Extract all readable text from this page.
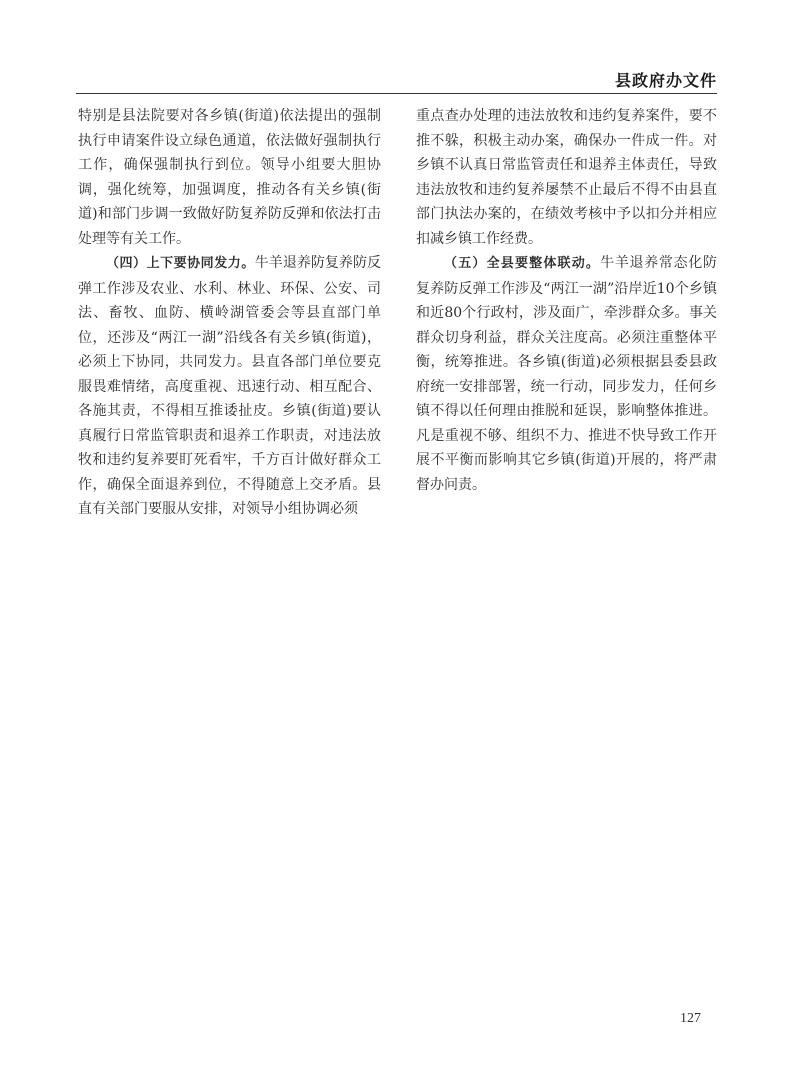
县政府办文件

特别是县法院要对各乡镇(街道)依法提出的强制执行申请案件设立绿色通道，依法做好强制执行工作，确保强制执行到位。领导小组要大胆协调，强化统筹，加强调度，推动各有关乡镇(街道)和部门步调一致做好防复养防反弹和依法打击处理等有关工作。

（四）上下要协同发力。牛羊退养防复养防反弹工作涉及农业、水利、林业、环保、公安、司法、畜牧、血防、横岭湖管委会等县直部门单位，还涉及“两江一湖”沿线各有关乡镇(街道)，必须上下协同，共同发力。县直各部门单位要克服畏难情绪，高度重视、迅速行动、相互配合、各施其责，不得相互推诿扯皮。乡镇(街道)要认真履行日常监管职责和退养工作职责，对违法放牧和违约复养要盯死看牢，千方百计做好群众工作，确保全面退养到位，不得随意上交矛盾。县直有关部门要服从安排，对领导小组协调必须

重点查办处理的违法放牧和违约复养案件，要不推不躲，积极主动办案，确保办一件成一件。对乡镇不认真日常监管责任和退养主体责任，导致违法放牧和违约复养屡禁不止最后不得不由县直部门执法办案的，在绩效考核中予以扣分并相应扣减乡镇工作经费。

（五）全县要整体联动。牛羊退养常态化防复养防反弹工作涉及“两江一湖”沿岸近10个乡镇和近80个行政村，涉及面广，牵涉群众多。事关群众切身利益，群众关注度高。必须注重整体平衡，统筹推进。各乡镇(街道)必须根据县委县政府统一安排部署，统一行动，同步发力，任何乡镇不得以任何理由推脱和延误，影响整体推进。凡是重视不够、组织不力、推进不快导致工作开展不平衡而影响其它乡镇(街道)开展的，将严肃督办问责。

127
